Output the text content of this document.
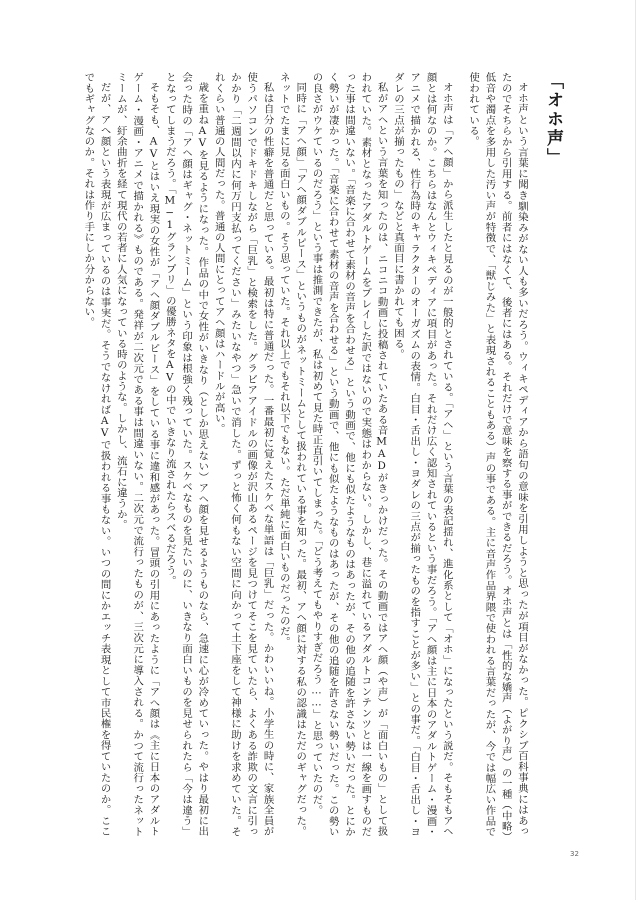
「オホ声」

オホ声という言葉に聞き馴染みがない人も多いだろう。ウィキペディアから語句の意味を引用しようと思ったが項目がなかった。ピクシブ百科事典にはあったのでそちらから引用する。前者にはなくて、後者にはある。それだけで意味を察する事ができるだろう。オホ声とは「性的な嬌声（よがり声）の一種（中略）低音や濁点を多用した汚い声が特徴で、「獣じみた」と表現されることもある）声の事である。主に音声作品界隈で使われる言葉だったが、今では幅広い作品で使われている。

オホ声は「アヘ顔」から派生したと見るのが一般的とされている。「アヘ」という言葉の表記揺れ、進化系として「オホ」になったという説だ。そもそもアヘ顔とは何なのか。こちらはなんとウィキペディアに項目があった。それだけ広く認知されているという事だろう。「アヘ顔は主に日本のアダルトゲーム・漫画・アニメで描かれる、性行為時のキャラクターのオーガズムの表情。白目・舌出し・ヨダレの三点が揃ったものを指すことが多い」との事だ。「白目・舌出し・ヨダレの三点が揃ったもの」などと真面目に書かれても困る。

私がアヘという言葉を知ったのは、ニコニコ動画に投稿されていたある音MADがきっかけだった。その動画ではアヘ顔（や声）が「面白いもの」として扱われていた。素材となったアダルトゲームをプレイした訳ではないので実態はわからない。しかし、巷に溢れているアダルトコンテンツとは一線を画すものだった事は間違いない。「音楽に合わせて素材の音声を合わせる」という動画で、他にも似たようなものはあったが、その他の追随を許さない勢いだった。とにかく勢いが凄かった。「音楽に合わせて素材の音声を合わせる」という動画で、他にも似たようなものはあったが、その他の追随を許さない勢いだった。この勢いの良さがウケているのだろう」という事は推測できたが、私は初めて見た時正直引いてしまった。「どう考えてもやりすぎだろう……」と思っていたのだ。

同時に「アヘ顔」「アヘ顔ダブルピース」というものがネットミームとして扱われている事を知った。最初、アヘ顔に対する私の認識はただのギャグだった。ネットでたまに見る面白いもの。そう思っていた。それ以上でもそれ以下でもない。ただ単純に面白いものだったのだ。

私は自分の性癖を普通だと思っている。最初は特に普通だった。一番最初に覚えたスケベな単語は「巨乳」だった。かわいいね。小学生の時に、家族全員が使うパソコンでドキドキしながら「巨乳」と検索をした。グラビアアイドルの画像が沢山あるページを見つけてそこを見ていたら、よくある詐欺の文言に引っかかり「二週間以内に何万円支払ってください」みたいなやつ」急いで消した。ずっと怖く何もない空間に向かって土下座をして神様に助けを求めていた。それくらい普通の人間だった。普通の人間にとってアヘ顔はハードルが高い。

歳を重ねAVを見るようになった。作品の中で女性がいきなり（としか思えない）アヘ顔を見せるようものなら、急速に心が冷めていった。やはり最初に出会った時の「アヘ顔はギャグ・ネットミーム」という印象は根強く残っていた。スケベなものを見たいのに、いきなり面白いものを見せられたら「今は違う」となってしまうだろう。「M−1グランプリ」の優勝ネタをAVの中でいきなり流されたらスベるだろう。

そもそも、AVとはいえ現実の女性が「アヘ顔ダブルピース」をしている事に違和感があった。冒頭の引用にあったように「アへ顔は《主に日本のアダルトゲーム・漫画・アニメで描かれる》ものである。発祥が二次元である事は間違いない。二次元で流行ったものが、三次元に導入される。かつて流行ったネットミームが、紆余曲折を経て現代の若者に人気になっている時のような。しかし、流石に違うか。

だが、アへ顔という表現が広まっているのは事実だ。そうでなければAVで扱われる事もない。いつの間にかエッチ表現として市民権を得ていたのか。ここでもギャグなのか。それは作り手にしか分からない。

32
